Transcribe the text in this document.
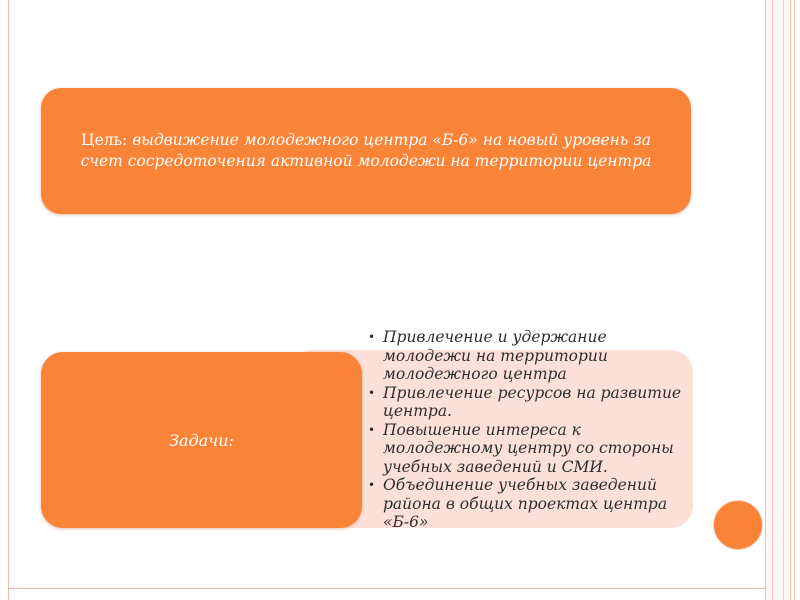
Цель: выдвижение молодежного центра «Б-6» на новый уровень за счет сосредоточения активной молодежи на территории центра
Задачи:
• Привлечение и удержание молодежи на территории молодежного центра
• Привлечение ресурсов на развитие центра.
• Повышение интереса к молодежному центру со стороны учебных заведений и СМИ.
• Объединение учебных заведений района в общих проектах центра «Б-6»
